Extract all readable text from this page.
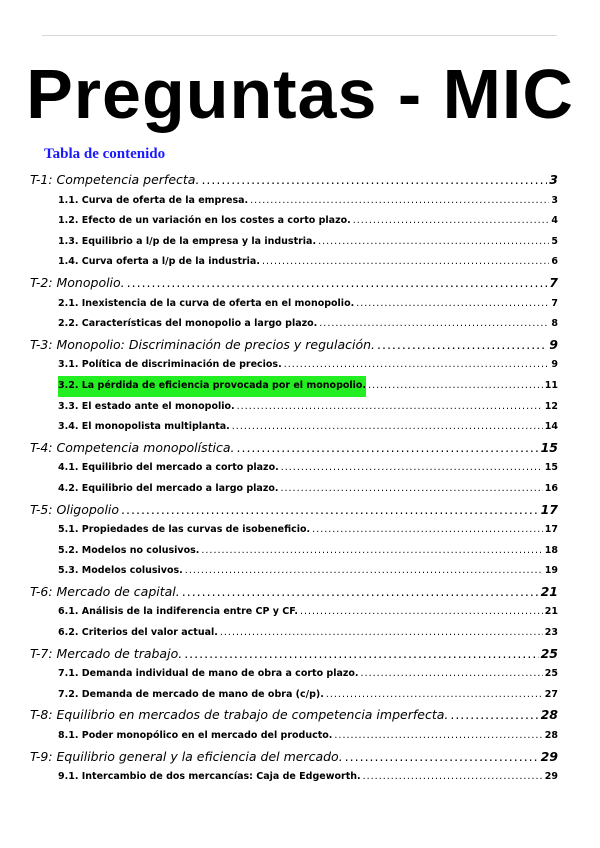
Preguntas - MIC
Tabla de contenido
T-1: Competencia perfecta. .....	3
1.1. Curva de oferta de la empresa. .....	3
1.2. Efecto de un variación en los costes a corto plazo. .....	4
1.3. Equilibrio a l/p de la empresa y la industria. .....	5
1.4. Curva oferta a l/p de la industria. .....	6
T-2: Monopolio. .....	7
2.1. Inexistencia de la curva de oferta en el monopolio. .....	7
2.2. Características del monopolio a largo plazo. .....	8
T-3: Monopolio: Discriminación de precios y regulación. .....	9
3.1. Política de discriminación de precios. .....	9
3.2. La pérdida de eficiencia provocada por el monopolio. .....	11
3.3. El estado ante el monopolio. .....	12
3.4. El monopolista multiplanta. .....	14
T-4: Competencia monopolística. .....	15
4.1. Equilibrio del mercado a corto plazo. .....	15
4.2. Equilibrio del mercado a largo plazo. .....	16
T-5: Oligopolio .....	17
5.1. Propiedades de las curvas de isobeneficio. .....	17
5.2. Modelos no colusivos. .....	18
5.3. Modelos colusivos. .....	19
T-6: Mercado de capital. .....	21
6.1. Análisis de la indiferencia entre CP y CF. .....	21
6.2. Criterios del valor actual. .....	23
T-7: Mercado de trabajo. .....	25
7.1. Demanda individual de mano de obra a corto plazo. .....	25
7.2. Demanda de mercado de mano de obra (c/p). .....	27
T-8: Equilibrio en mercados de trabajo de competencia imperfecta. .....	28
8.1. Poder monopólico en el mercado del producto. .....	28
T-9: Equilibrio general y la eficiencia del mercado. .....	29
9.1. Intercambio de dos mercancías: Caja de Edgeworth. .....	29
